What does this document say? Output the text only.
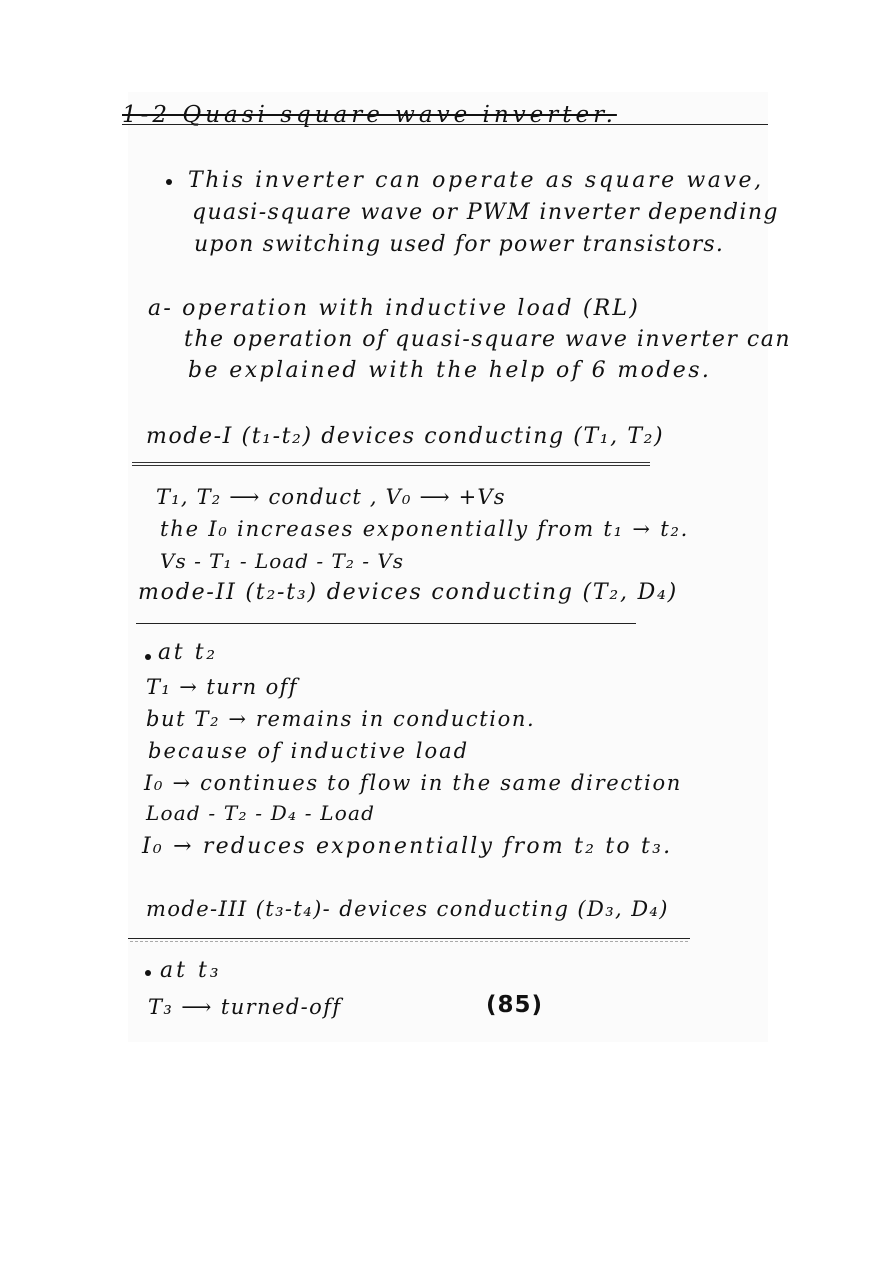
1-2 Quasi square wave inverter.
This inverter can operate as square wave,
quasi-square wave or PWM inverter depending
upon switching used for power transistors.
a- operation with inductive load (RL)
the operation of quasi-square wave inverter can
be explained with the help of 6 modes.
mode-I (t₁-t₂) devices conducting (T₁, T₂)
T₁, T₂ ⟶ conduct , V₀ ⟶ +Vs
the I₀ increases exponentially from t₁ → t₂.
Vs - T₁ - Load - T₂ - Vs
mode-II (t₂-t₃) devices conducting (T₂, D₄)
at t₂
T₁ → turn off
but T₂ → remains in conduction.
because of inductive load
I₀ → continues to flow in the same direction
Load - T₂ - D₄ - Load
I₀ → reduces exponentially from t₂ to t₃.
mode-III (t₃-t₄)- devices conducting (D₃, D₄)
at t₃
T₃ ⟶ turned-off	(85)
